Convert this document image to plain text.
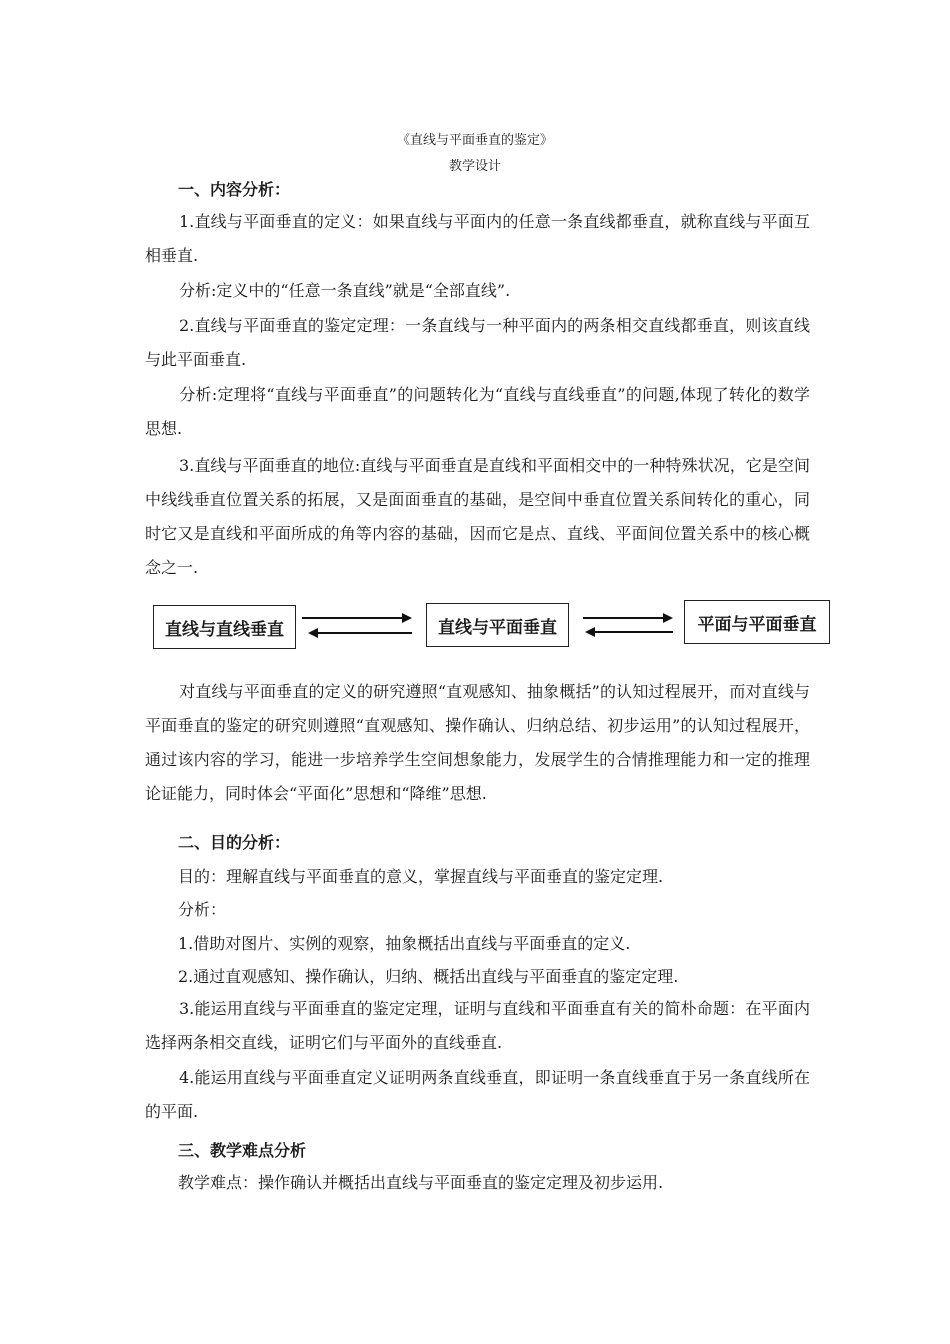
《直线与平面垂直的鉴定》
教学设计
一、内容分析：

1.直线与平面垂直的定义：如果直线与平面内的任意一条直线都垂直，就称直线与平面互相垂直.

分析:定义中的“任意一条直线”就是“全部直线”.

2.直线与平面垂直的鉴定定理：一条直线与一种平面内的两条相交直线都垂直，则该直线与此平面垂直.

分析:定理将“直线与平面垂直”的问题转化为“直线与直线垂直”的问题,体现了转化的数学思想.

3.直线与平面垂直的地位:直线与平面垂直是直线和平面相交中的一种特殊状况，它是空间中线线垂直位置关系的拓展，又是面面垂直的基础，是空间中垂直位置关系间转化的重心，同时它又是直线和平面所成的角等内容的基础，因而它是点、直线、平面间位置关系中的核心概念之一.

直线与直线垂直	直线与平面垂直	平面与平面垂直

对直线与平面垂直的定义的研究遵照“直观感知、抽象概括”的认知过程展开，而对直线与平面垂直的鉴定的研究则遵照“直观感知、操作确认、归纳总结、初步运用”的认知过程展开，通过该内容的学习，能进一步培养学生空间想象能力，发展学生的合情推理能力和一定的推理论证能力，同时体会“平面化”思想和“降维”思想.

二、目的分析：
目的：理解直线与平面垂直的意义，掌握直线与平面垂直的鉴定定理.
分析：
1.借助对图片、实例的观察，抽象概括出直线与平面垂直的定义.
2.通过直观感知、操作确认，归纳、概括出直线与平面垂直的鉴定定理.

3.能运用直线与平面垂直的鉴定定理，证明与直线和平面垂直有关的简朴命题：在平面内选择两条相交直线，证明它们与平面外的直线垂直.

4.能运用直线与平面垂直定义证明两条直线垂直，即证明一条直线垂直于另一条直线所在的平面.

三、教学难点分析
教学难点：操作确认并概括出直线与平面垂直的鉴定定理及初步运用.
